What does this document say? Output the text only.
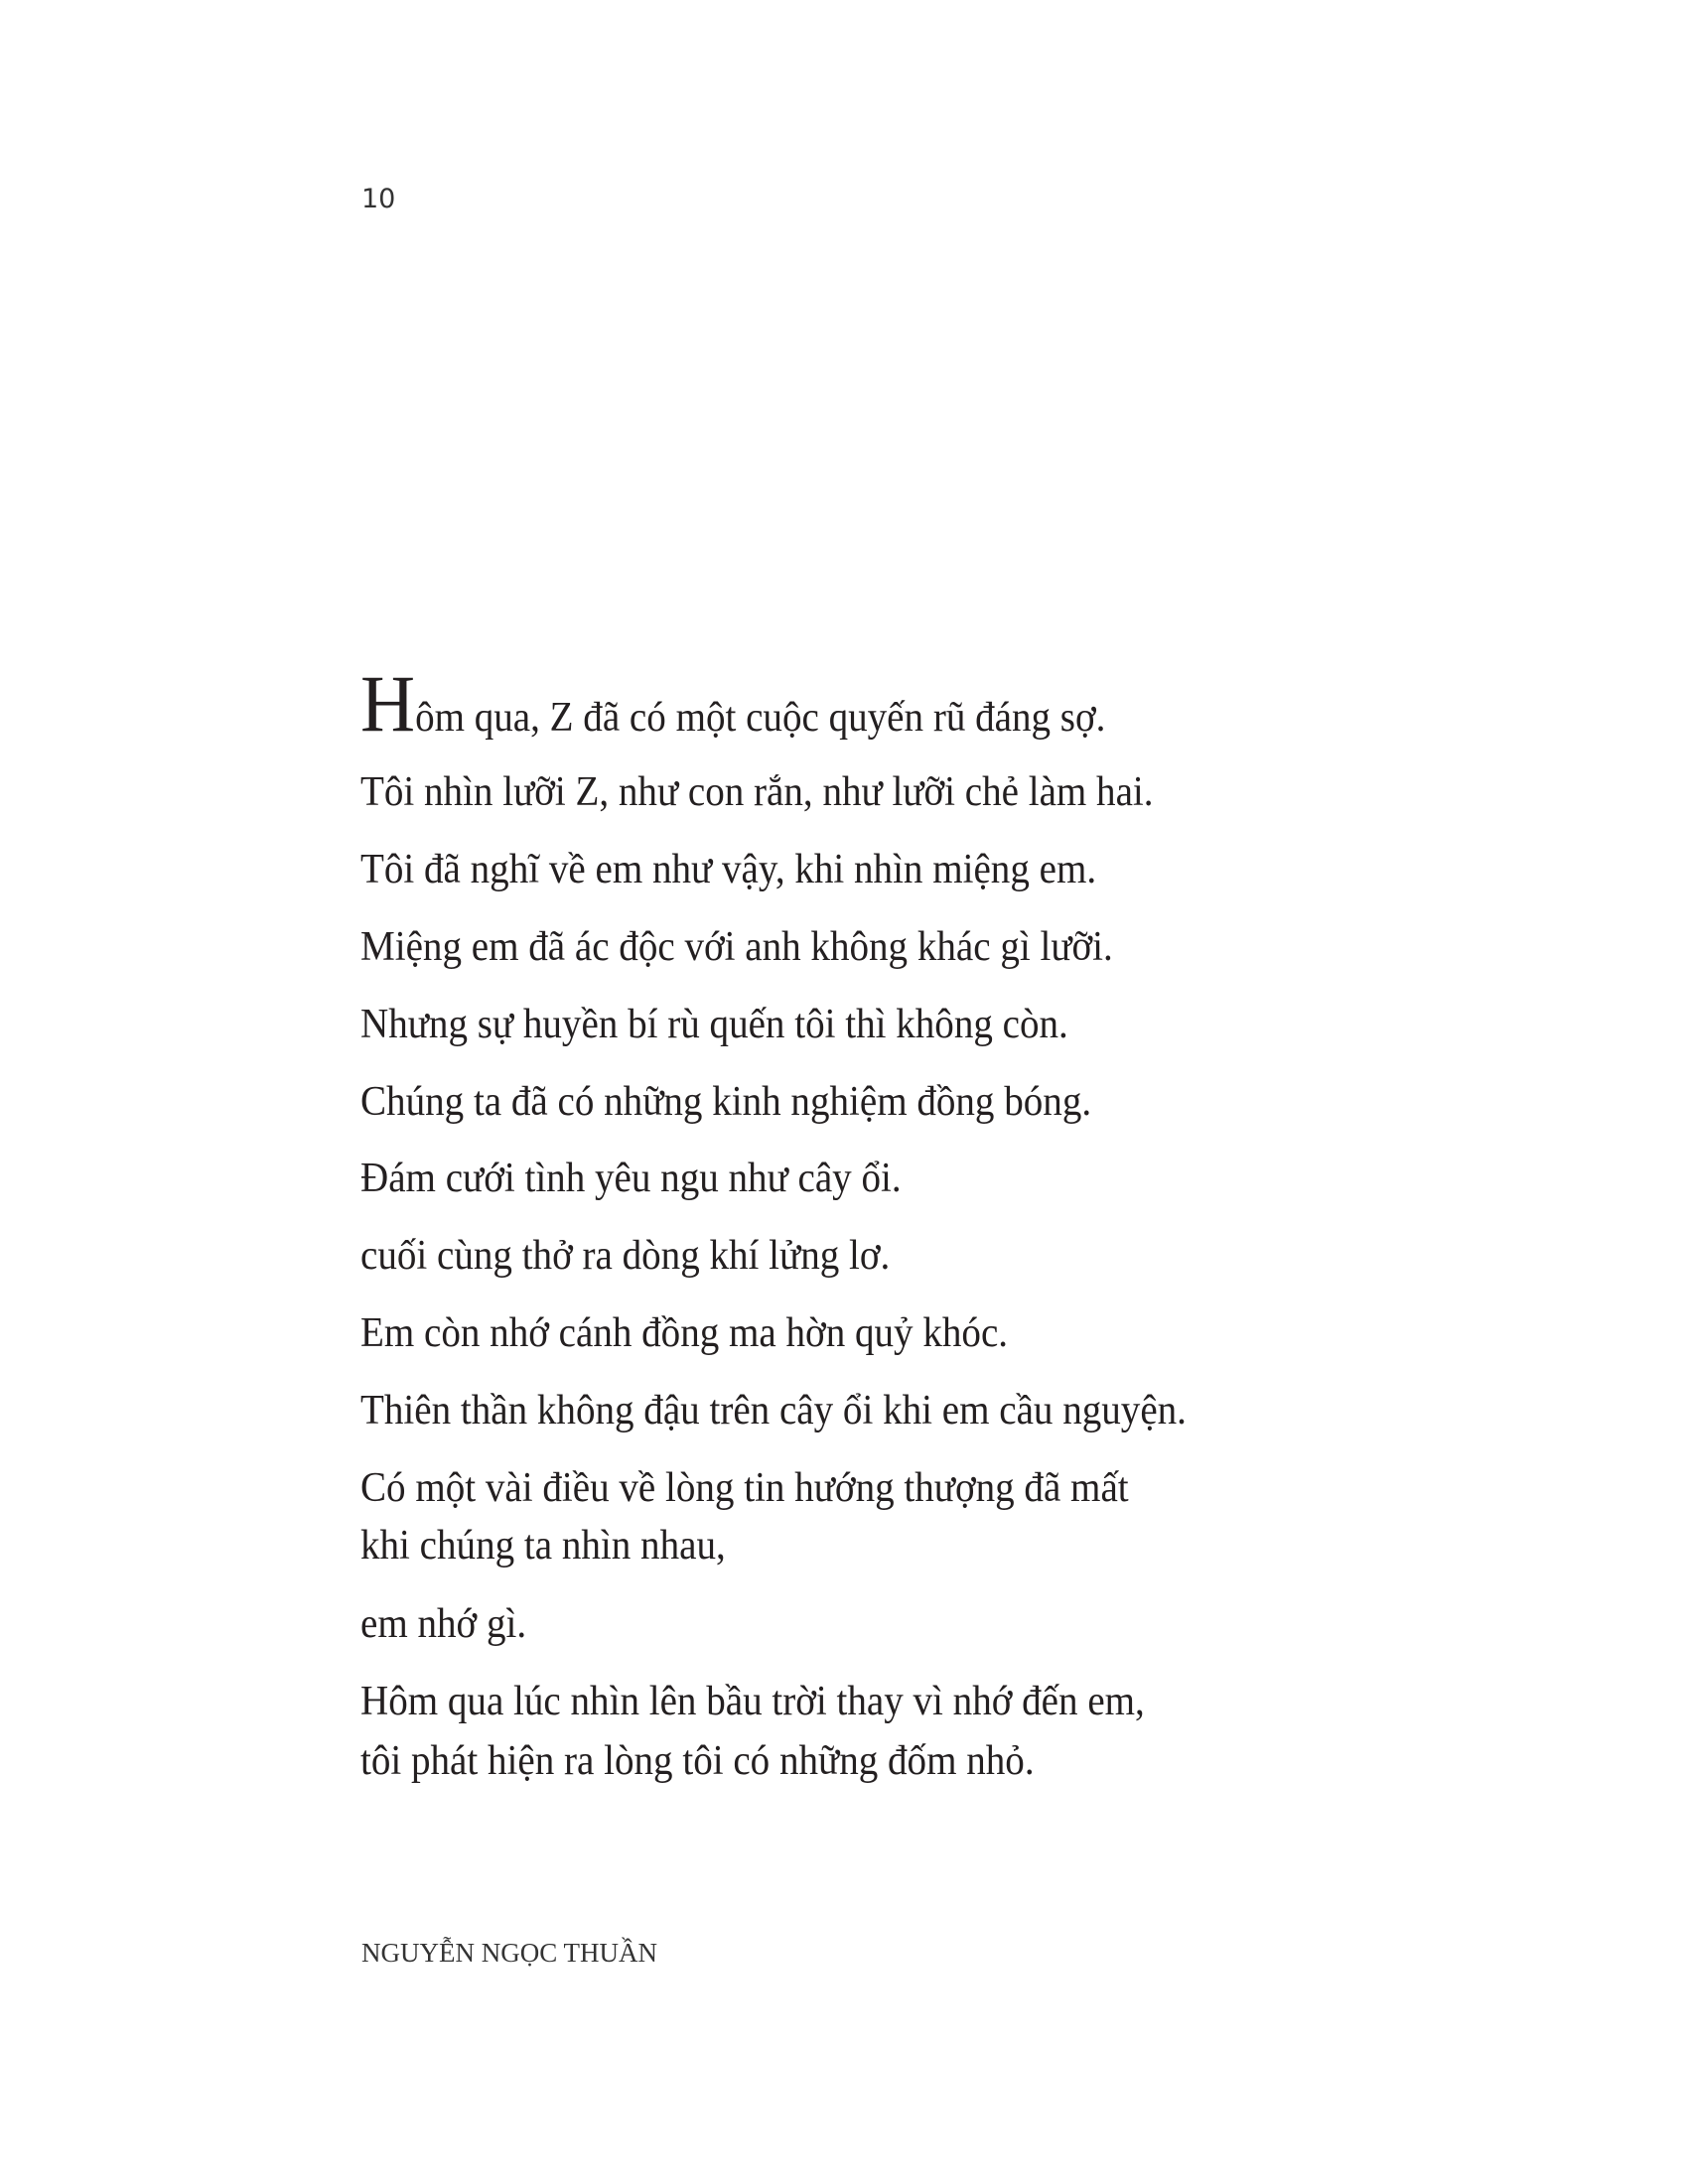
10
Hôm qua, Z đã có một cuộc quyến rũ đáng sợ.
Tôi nhìn lưỡi Z, như con rắn, như lưỡi chẻ làm hai.
Tôi đã nghĩ về em như vậy, khi nhìn miệng em.
Miệng em đã ác độc với anh không khác gì lưỡi.
Nhưng sự huyền bí rù quến tôi thì không còn.
Chúng ta đã có những kinh nghiệm đồng bóng.
Đám cưới tình yêu ngu như cây ổi.
cuối cùng thở ra dòng khí lửng lơ.
Em còn nhớ cánh đồng ma hờn quỷ khóc.
Thiên thần không đậu trên cây ổi khi em cầu nguyện.
Có một vài điều về lòng tin hướng thượng đã mất
khi chúng ta nhìn nhau,
em nhớ gì.
Hôm qua lúc nhìn lên bầu trời thay vì nhớ đến em,
tôi phát hiện ra lòng tôi có những đốm nhỏ.
NGUYỄN NGỌC THUẦN
